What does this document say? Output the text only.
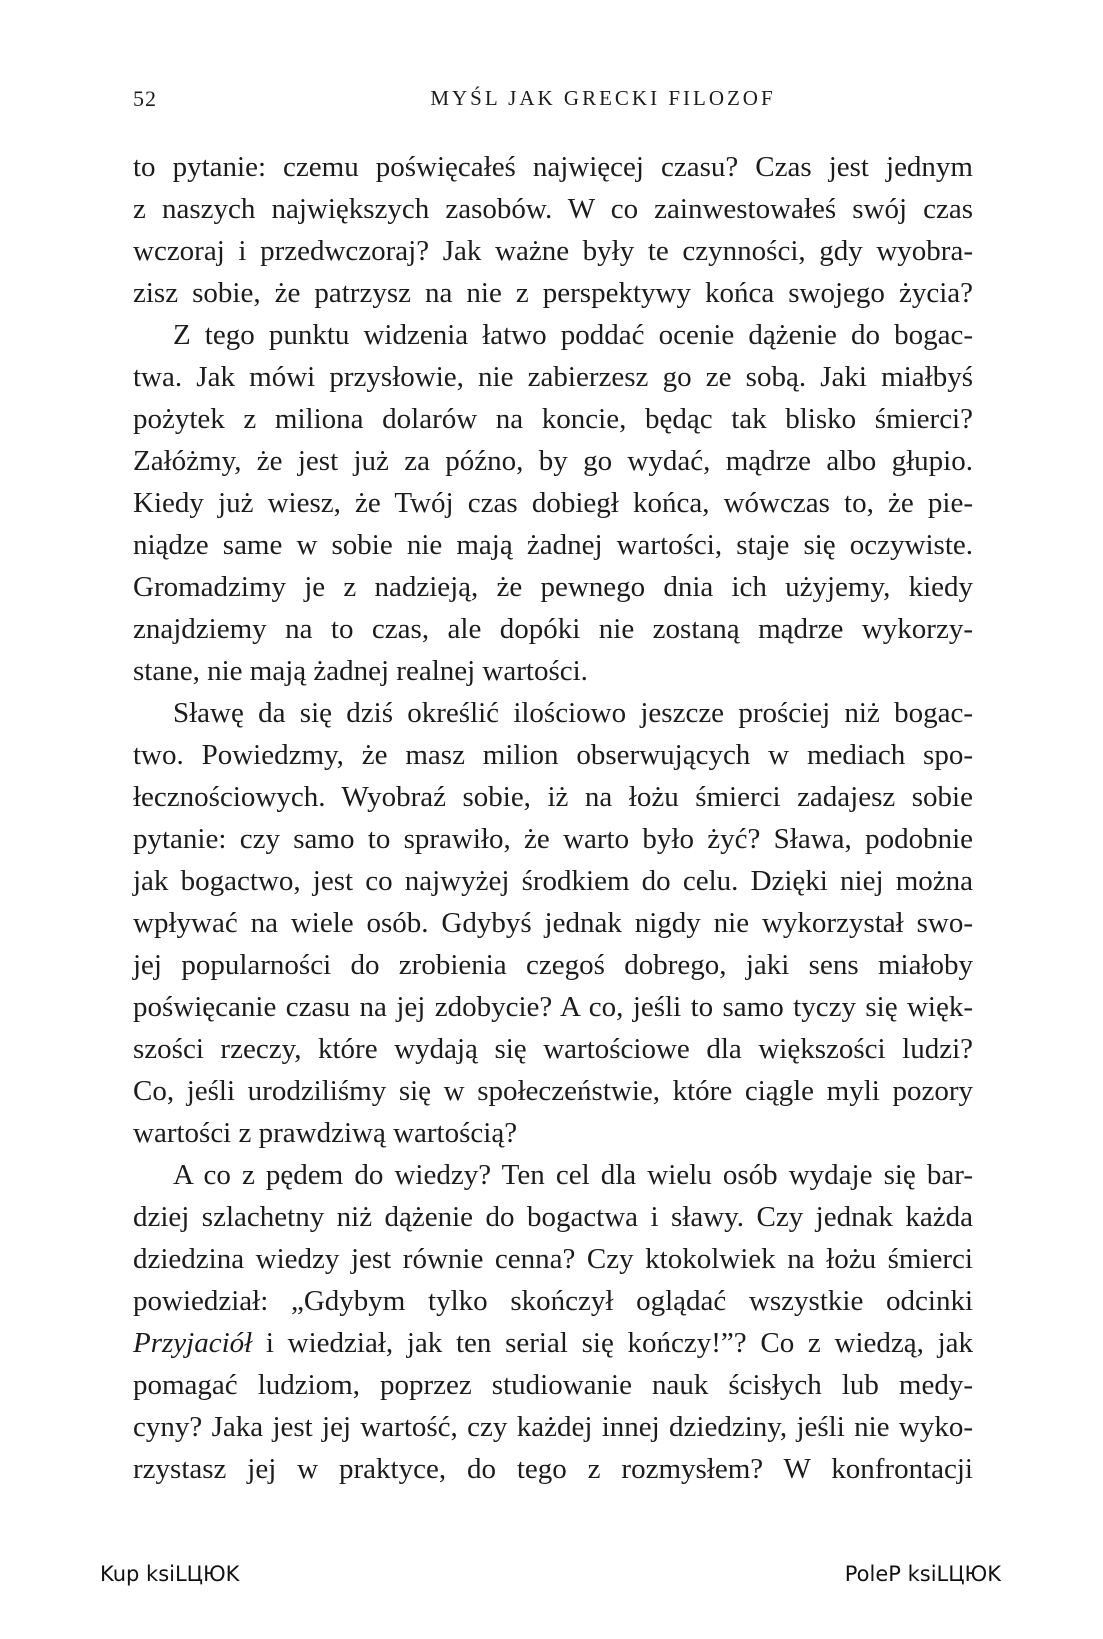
52	MYŚL JAK GRECKI FILOZOF
to pytanie: czemu poświęcałeś najwięcej czasu? Czas jest jednym
z naszych największych zasobów. W co zainwestowałeś swój czas
wczoraj i przedwczoraj? Jak ważne były te czynności, gdy wyobra-
zisz sobie, że patrzysz na nie z perspektywy końca swojego życia?
Z tego punktu widzenia łatwo poddać ocenie dążenie do bogac-
twa. Jak mówi przysłowie, nie zabierzesz go ze sobą. Jaki miałbyś
pożytek z miliona dolarów na koncie, będąc tak blisko śmierci?
Załóżmy, że jest już za późno, by go wydać, mądrze albo głupio.
Kiedy już wiesz, że Twój czas dobiegł końca, wówczas to, że pie-
niądze same w sobie nie mają żadnej wartości, staje się oczywiste.
Gromadzimy je z nadzieją, że pewnego dnia ich użyjemy, kiedy
znajdziemy na to czas, ale dopóki nie zostaną mądrze wykorzy-
stane, nie mają żadnej realnej wartości.
Sławę da się dziś określić ilościowo jeszcze prościej niż bogac-
two. Powiedzmy, że masz milion obserwujących w mediach spo-
łecznościowych. Wyobraź sobie, iż na łożu śmierci zadajesz sobie
pytanie: czy samo to sprawiło, że warto było żyć? Sława, podobnie
jak bogactwo, jest co najwyżej środkiem do celu. Dzięki niej można
wpływać na wiele osób. Gdybyś jednak nigdy nie wykorzystał swo-
jej popularności do zrobienia czegoś dobrego, jaki sens miałoby
poświęcanie czasu na jej zdobycie? A co, jeśli to samo tyczy się więk-
szości rzeczy, które wydają się wartościowe dla większości ludzi?
Co, jeśli urodziliśmy się w społeczeństwie, które ciągle myli pozory
wartości z prawdziwą wartością?
A co z pędem do wiedzy? Ten cel dla wielu osób wydaje się bar-
dziej szlachetny niż dążenie do bogactwa i sławy. Czy jednak każda
dziedzina wiedzy jest równie cenna? Czy ktokolwiek na łożu śmierci
powiedział: „Gdybym tylko skończył oglądać wszystkie odcinki
Przyjaciół i wiedział, jak ten serial się kończy!”? Co z wiedzą, jak
pomagać ludziom, poprzez studiowanie nauk ścisłych lub medy-
cyny? Jaka jest jej wartość, czy każdej innej dziedziny, jeśli nie wyko-
rzystasz jej w praktyce, do tego z rozmysłem? W konfrontacji
Kup ksiLЦЮK	PoleP ksiLЦЮK
